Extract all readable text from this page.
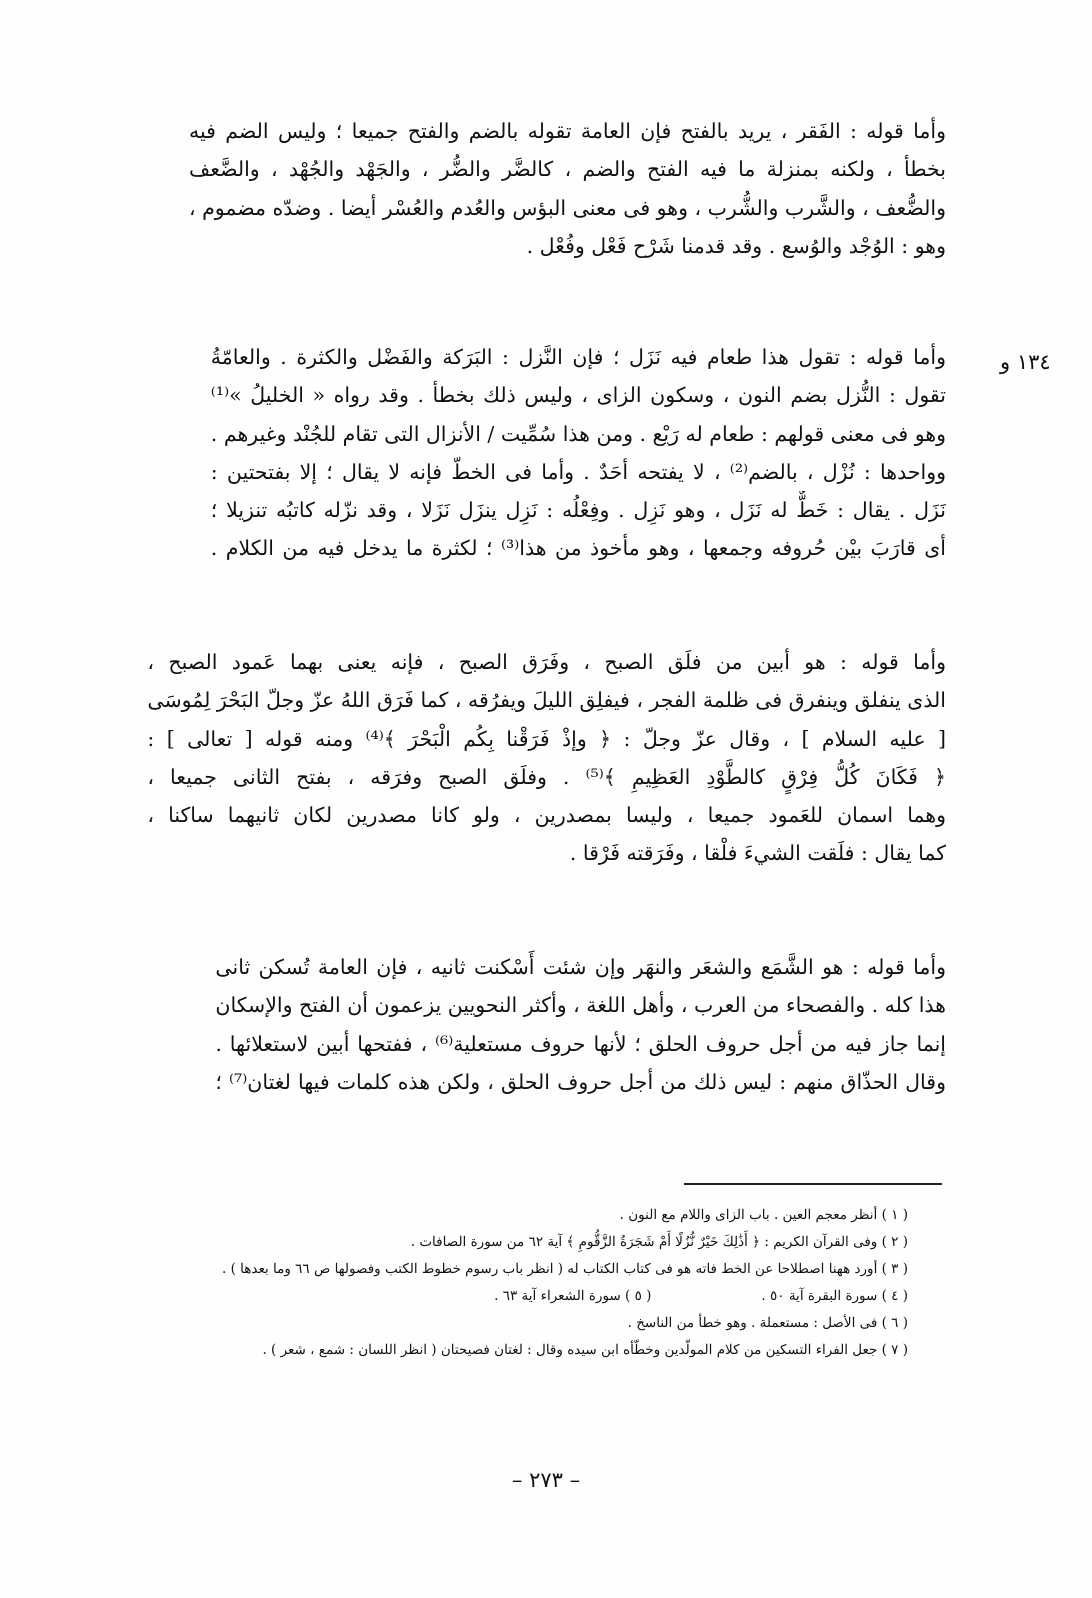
وأما قوله : الفَقر ، يريد بالفتح فإن العامة تقوله بالضم والفتح جميعا ؛ وليس الضم فيه
بخطأ ، ولكنه بمنزلة ما فيه الفتح والضم ، كالضَّر والضُّر ، والجَهْد والجُهْد ، والضَّعف
والضُّعف ، والشَّرب والشُّرب ، وهو فى معنى البؤس والعُدم والعُسْر أيضا . وضدّه مضموم ،
وهو : الوُجْد والوُسع . وقد قدمنا شَرْح فَعْل وفُعْل .
وأما قوله : تقول هذا طعام فيه نَزَل ؛ فإن النَّزل : البَرَكة والفَضْل والكثرة . والعامّةُ
تقول : النُّزل بضم النون ، وسكون الزاى ، وليس ذلك بخطأ . وقد رواه « الخليلُ »⁽¹⁾
وهو فى معنى قولهم : طعام له رَيْع . ومن هذا سُمِّيت / الأنزال التى تقام للجُنْد وغيرهم .
وواحدها : نُزْل ، بالضم⁽²⁾ ، لا يفتحه أحَدٌ . وأما فى الخطّ فإنه لا يقال ؛ إلا بفتحتين :
نَزَل . يقال : خَطٌّ له نَزَل ، وهو نَزِل . وفِعْلُه : نَزِل ينزَل نَزَلا ، وقد نزّله كاتبُه تنزيلا ؛
أى قارَبَ بيْن حُروفه وجمعها ، وهو مأخوذ من هذا⁽³⁾ ؛ لكثرة ما يدخل فيه من الكلام .
وأما قوله : هو أبين من فلَق الصبح ، وفَرَق الصبح ، فإنه يعنى بهما عَمود الصبح ،
الذى ينفلق وينفرق فى ظلمة الفجر ، فيفلِق الليلَ ويفرُقه ، كما فَرَق اللهُ عزّ وجلّ البَحْرَ لِمُوسَى
[ عليه السلام ] ، وقال عزّ وجلّ : ﴿ وإذْ فَرَقْنا بِكُم الْبَحْرَ ﴾⁽⁴⁾ ومنه قوله [ تعالى ] :
﴿ فَكَانَ كُلُّ فِرْقٍ كالطَّوْدِ العَظِيمِ ﴾⁽⁵⁾ . وفلَق الصبح وفرَقه ، بفتح الثانى جميعا ،
وهما اسمان للعَمود جميعا ، وليسا بمصدرين ، ولو كانا مصدرين لكان ثانيهما ساكنا ،
كما يقال : فلَقت الشيءَ فلْقا ، وفَرَقته فَرْقا .
وأما قوله : هو الشَّمَع والشعَر والنهَر وإن شئت أَسْكنت ثانيه ، فإن العامة تُسكن ثانى
هذا كله . والفصحاء من العرب ، وأهل اللغة ، وأكثر النحويين يزعمون أن الفتح والإسكان
إنما جاز فيه من أجل حروف الحلق ؛ لأنها حروف مستعلية⁽⁶⁾ ، ففتحها أبين لاستعلائها .
وقال الحذّاق منهم : ليس ذلك من أجل حروف الحلق ، ولكن هذه كلمات فيها لغتان⁽⁷⁾ ؛
١٣٤ و
( ١ ) أنظر معجم العين . باب الزاى واللام مع النون .
( ٢ ) وفى القرآن الكريم : ﴿ أَذَٰلِكَ خَيْرٌ نُّزُلًا أَمْ شَجَرَةُ الزَّقُّومِ ﴾ آية ٦٢ من سورة الصافات .
( ٣ ) أورد ههنا اصطلاحا عن الخط فاته هو فى كتاب الكتاب له ( انظر باب رسوم خطوط الكتب وفصولها ص ٦٦ وما بعدها ) .
( ٤ ) سورة البقرة آية ٥٠ .
( ٥ ) سورة الشعراء آية ٦٣ .
( ٦ ) فى الأصل : مستعملة . وهو خطأ من الناسخ .
( ٧ ) جعل الفراء التسكين من كلام المولّدين وخطّأه ابن سيده وقال : لغتان فصيحتان ( انظر اللسان : شمع ، شعر ) .
– ٢٧٣ –
